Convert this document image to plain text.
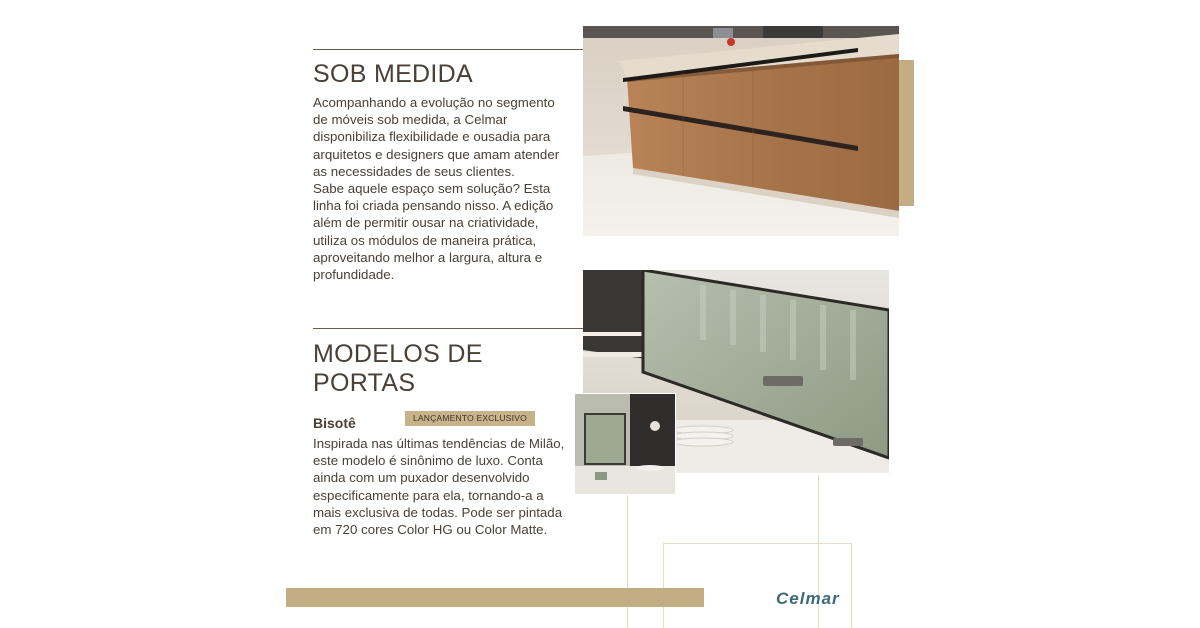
SOB MEDIDA
Acompanhando a evolução no segmento
de móveis sob medida, a Celmar
disponibiliza flexibilidade e ousadia para
arquitetos e designers que amam atender
as necessidades de seus clientes.
Sabe aquele espaço sem solução? Esta
linha foi criada pensando nisso. A edição
além de permitir ousar na criatividade,
utiliza os módulos de maneira prática,
aproveitando melhor a largura, altura e
profundidade.
MODELOS DE
PORTAS
Bisotê	LANÇAMENTO EXCLUSIVO
Inspirada nas últimas tendências de Milão,
este modelo é sinônimo de luxo. Conta
ainda com um puxador desenvolvido
especificamente para ela, tornando-a a
mais exclusiva de todas. Pode ser pintada
em 720 cores Color HG ou Color Matte.
Celmar
